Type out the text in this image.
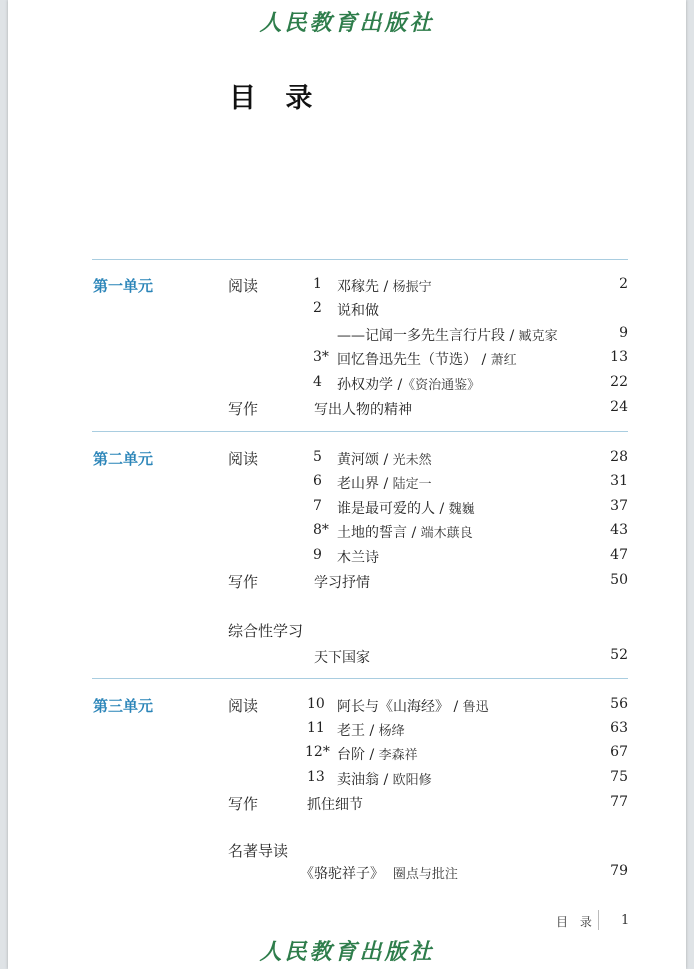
人民教育出版社
目 录
第一单元	阅读	1	邓稼先 / 杨振宁	2
2	说和做
——记闻一多先生言行片段 / 臧克家	9
3* 回忆鲁迅先生（节选） / 萧红	13
4	孙权劝学 /《资治通鉴》	22
写作	写出人物的精神	24
第二单元	阅读	5	黄河颂 / 光未然	28
6	老山界 / 陆定一	31
7	谁是最可爱的人 / 魏巍	37
8* 土地的誓言 / 端木蕻良	43
9	木兰诗	47
写作	学习抒情	50
综合性学习
天下国家	52
第三单元	阅读	10 阿长与《山海经》 / 鲁迅	56
11 老王 / 杨绛	63
12* 台阶 / 李森祥	67
13 卖油翁 / 欧阳修	75
写作	抓住细节	77
名著导读
《骆驼祥子》 圈点与批注	79
目 录 1
人民教育出版社
